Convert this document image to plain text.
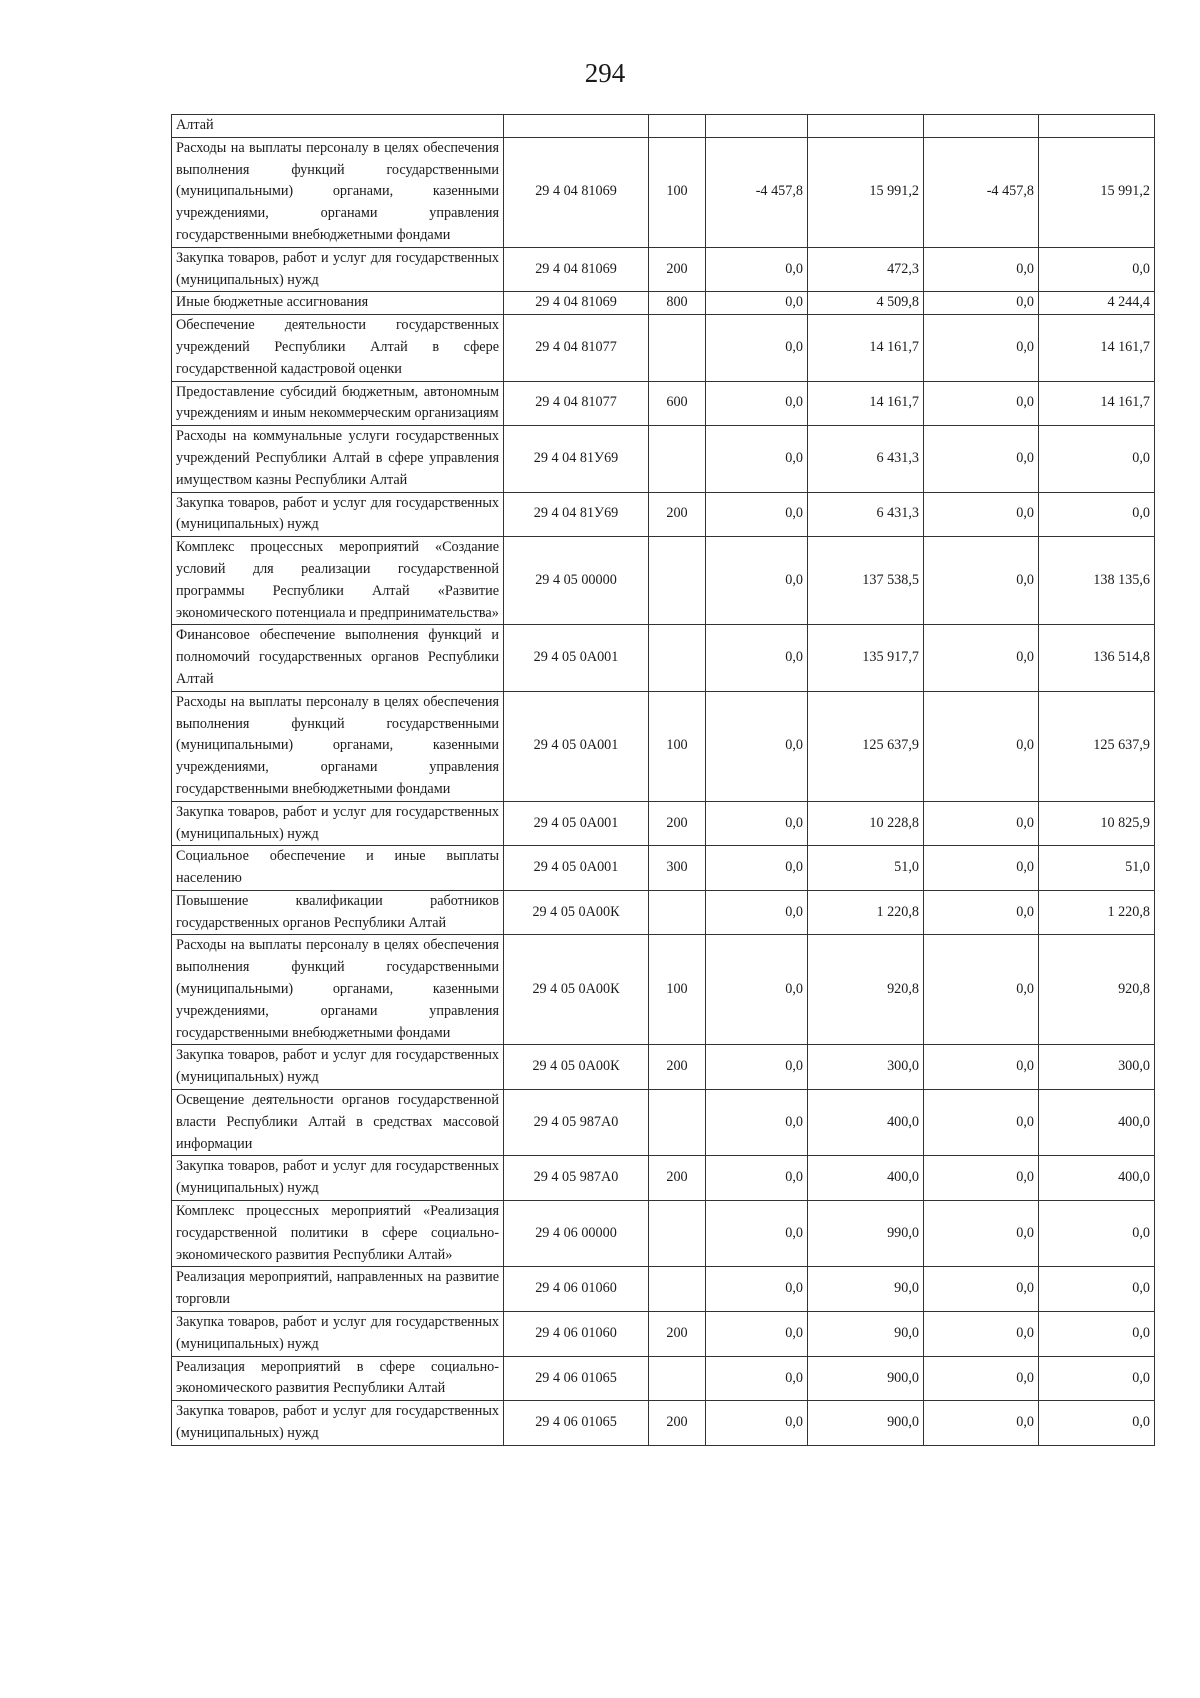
294
Алтай						
Расходы на выплаты персоналу в целях обеспечения выполнения функций государственными (муниципальными) органами, казенными учреждениями, органами управления государственными внебюджетными фондами	29 4 04 81069	100	-4 457,8	15 991,2	-4 457,8	15 991,2
Закупка товаров, работ и услуг для государственных (муниципальных) нужд	29 4 04 81069	200	0,0	472,3	0,0	0,0
Иные бюджетные ассигнования	29 4 04 81069	800	0,0	4 509,8	0,0	4 244,4
Обеспечение деятельности государственных учреждений Республики Алтай в сфере государственной кадастровой оценки	29 4 04 81077		0,0	14 161,7	0,0	14 161,7
Предоставление субсидий бюджетным, автономным учреждениям и иным некоммерческим организациям	29 4 04 81077	600	0,0	14 161,7	0,0	14 161,7
Расходы на коммунальные услуги государственных учреждений Республики Алтай в сфере управления имуществом казны Республики Алтай	29 4 04 81У69		0,0	6 431,3	0,0	0,0
Закупка товаров, работ и услуг для государственных (муниципальных) нужд	29 4 04 81У69	200	0,0	6 431,3	0,0	0,0
Комплекс процессных мероприятий «Создание условий для реализации государственной программы Республики Алтай «Развитие экономического потенциала и предпринимательства»	29 4 05 00000		0,0	137 538,5	0,0	138 135,6
Финансовое обеспечение выполнения функций и полномочий государственных органов Республики Алтай	29 4 05 0А001		0,0	135 917,7	0,0	136 514,8
Расходы на выплаты персоналу в целях обеспечения выполнения функций государственными (муниципальными) органами, казенными учреждениями, органами управления государственными внебюджетными фондами	29 4 05 0А001	100	0,0	125 637,9	0,0	125 637,9
Закупка товаров, работ и услуг для государственных (муниципальных) нужд	29 4 05 0А001	200	0,0	10 228,8	0,0	10 825,9
Социальное обеспечение и иные выплаты населению	29 4 05 0А001	300	0,0	51,0	0,0	51,0
Повышение квалификации работников государственных органов Республики Алтай	29 4 05 0А00К		0,0	1 220,8	0,0	1 220,8
Расходы на выплаты персоналу в целях обеспечения выполнения функций государственными (муниципальными) органами, казенными учреждениями, органами управления государственными внебюджетными фондами	29 4 05 0А00К	100	0,0	920,8	0,0	920,8
Закупка товаров, работ и услуг для государственных (муниципальных) нужд	29 4 05 0А00К	200	0,0	300,0	0,0	300,0
Освещение деятельности органов государственной власти Республики Алтай в средствах массовой информации	29 4 05 987А0		0,0	400,0	0,0	400,0
Закупка товаров, работ и услуг для государственных (муниципальных) нужд	29 4 05 987А0	200	0,0	400,0	0,0	400,0
Комплекс процессных мероприятий «Реализация государственной политики в сфере социально-экономического развития Республики Алтай»	29 4 06 00000		0,0	990,0	0,0	0,0
Реализация мероприятий, направленных на развитие торговли	29 4 06 01060		0,0	90,0	0,0	0,0
Закупка товаров, работ и услуг для государственных (муниципальных) нужд	29 4 06 01060	200	0,0	90,0	0,0	0,0
Реализация мероприятий в сфере социально-экономического развития Республики Алтай	29 4 06 01065		0,0	900,0	0,0	0,0
Закупка товаров, работ и услуг для государственных (муниципальных) нужд	29 4 06 01065	200	0,0	900,0	0,0	0,0
